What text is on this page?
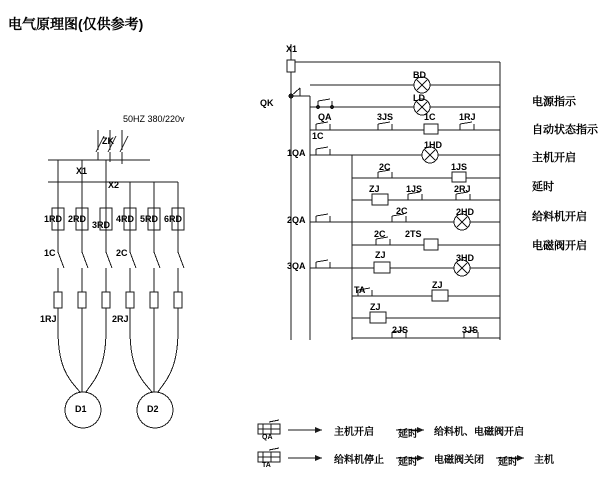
电气原理图(仅供参考)
50HZ 380/220v
ZK
X1
X2
1RD 2RD
3RD
4RD 5RD 6RD
1C	2C
1RJ	2RJ
D1	D2
X1
QK
BD
LD
1HD
2HD
3HD
QA	3JS	1C	1RJ
1C
1QA
2C	1JS
ZJ	1JS	2RJ
2C
2QA
2C 2TS
ZJ
3QA
TA	ZJ
ZJ
2JS	3JS
电源指示
自动状态指示
主机开启
延时
给料机开启
电磁阀开启
QA
TA
主机开启 延时 给料机、电磁阀开启
给料机停止 延时 电磁阀关闭 延时 主机
